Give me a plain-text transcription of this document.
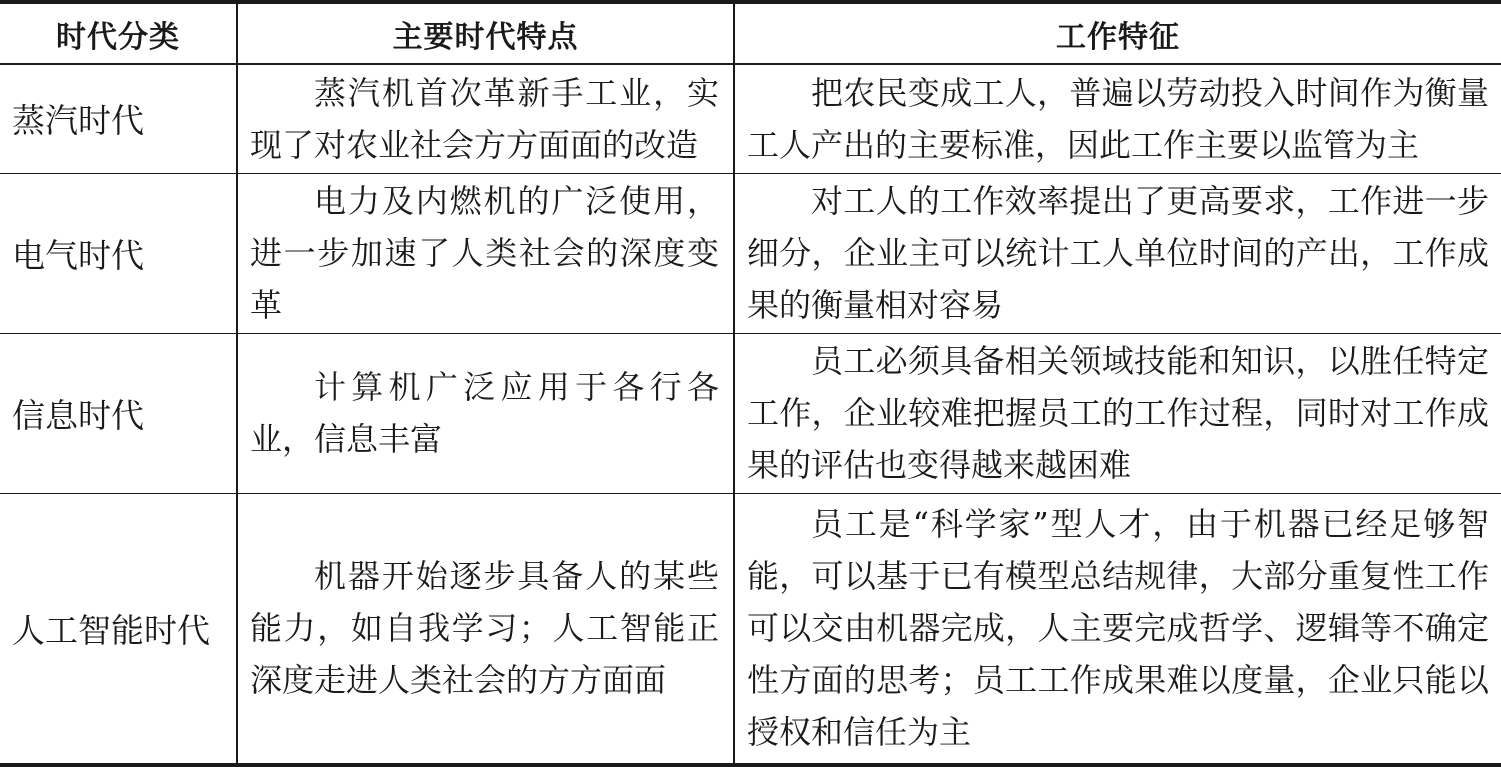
时代分类	主要时代特点	工作特征
蒸汽时代	蒸汽机首次革新手工业，实现了对农业社会方方面面的改造	把农民变成工人，普遍以劳动投入时间作为衡量工人产出的主要标准，因此工作主要以监管为主
电气时代	电力及内燃机的广泛使用，进一步加速了人类社会的深度变革	对工人的工作效率提出了更高要求，工作进一步细分，企业主可以统计工人单位时间的产出，工作成果的衡量相对容易
信息时代	计算机广泛应用于各行各业，信息丰富	员工必须具备相关领域技能和知识，以胜任特定工作，企业较难把握员工的工作过程，同时对工作成果的评估也变得越来越困难
人工智能时代	机器开始逐步具备人的某些能力，如自我学习；人工智能正深度走进人类社会的方方面面	员工是“科学家”型人才，由于机器已经足够智能，可以基于已有模型总结规律，大部分重复性工作可以交由机器完成，人主要完成哲学、逻辑等不确定性方面的思考；员工工作成果难以度量，企业只能以授权和信任为主
